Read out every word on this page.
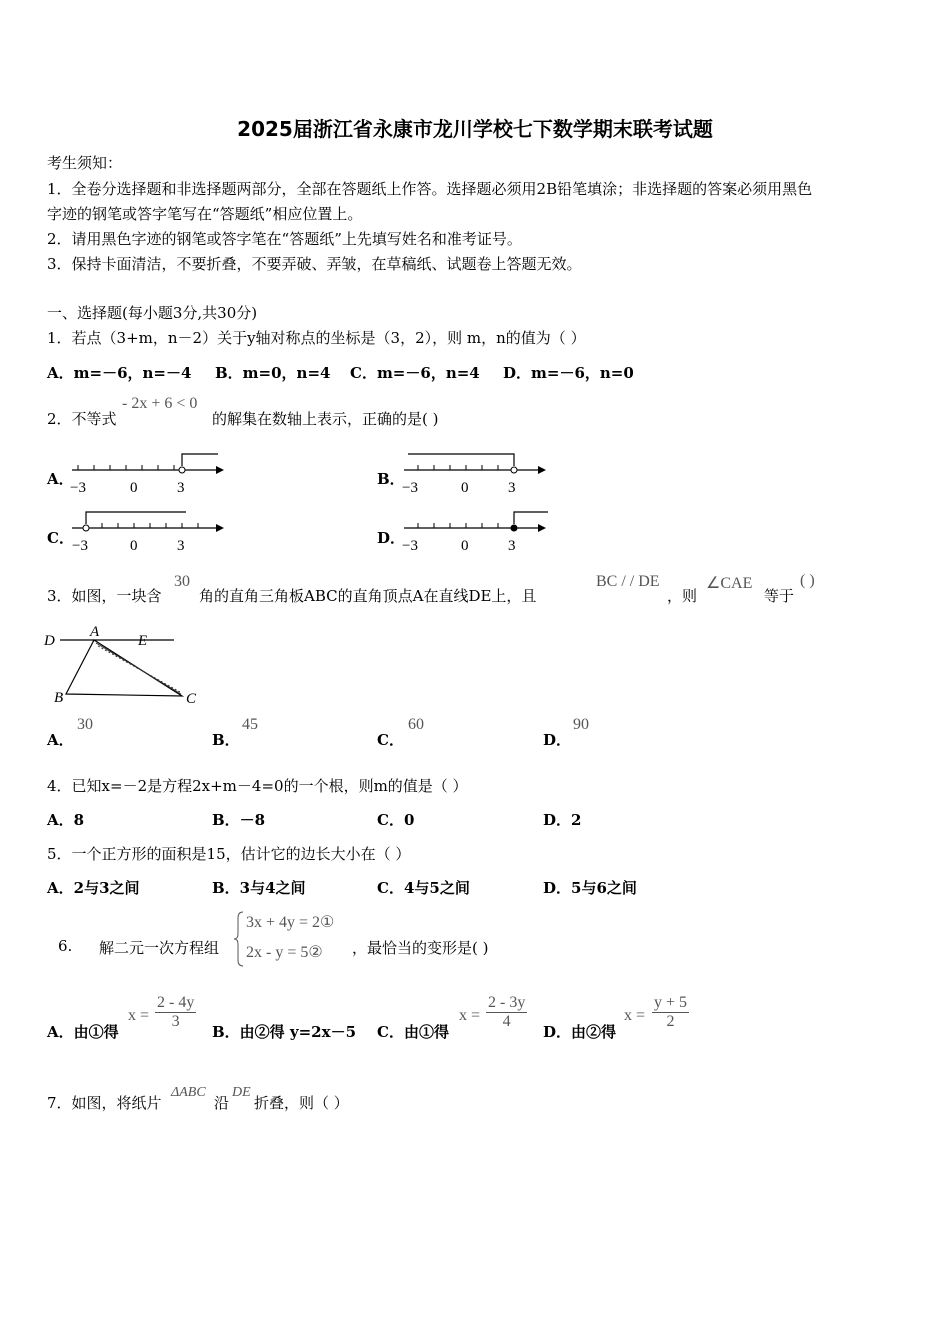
2025届浙江省永康市龙川学校七下数学期末联考试题
考生须知：
1．全卷分选择题和非选择题两部分，全部在答题纸上作答。选择题必须用2B铅笔填涂；非选择题的答案必须用黑色
字迹的钢笔或答字笔写在“答题纸”相应位置上。
2．请用黑色字迹的钢笔或答字笔在“答题纸”上先填写姓名和准考证号。
3．保持卡面清洁，不要折叠，不要弄破、弄皱，在草稿纸、试题卷上答题无效。
一、选择题(每小题3分,共30分)
1．若点（3+m，n－2）关于y轴对称点的坐标是（3，2），则 m，n的值为（ ）
A．m=－6，n=－4 B．m=0，n=4 C．m=－6，n=4 D．m=－6，n=0
2．不等式
- 2x + 6 < 0
的解集在数轴上表示，正确的是( )
A．	B．
C．	D．
−3	0	3	−3	0	3
−3	0	3	−3	0	3
3．如图，一块含
30
角的直角三角板ABC的直角顶点A在直线DE上，且
BC / / DE
，则
∠CAE
等于
( )
D
A
E
B	C
A．
30
B．
45
C．
60
D．
90
4．已知x=－2是方程2x+m－4=0的一个根，则m的值是（ ）
A．8	B．－8	C．0	D．2
5．一个正方形的面积是15，估计它的边长大小在（ ）
A．2与3之间	B．3与4之间	C．4与5之间	D．5与6之间
6. 解二元一次方程组
3x + 4y = 2①
2x - y = 5② ，最恰当的变形是( )
A．由①得
$x = \frac{2 - 4y}{3}$
B．由②得 y=2x－5 C．由①得
$x = \frac{2 - 3y}{4}$
D．由②得
$x = \frac{y + 5}{2}$
7．如图，将纸片
ΔABC
沿
DE
折叠，则（ ）
